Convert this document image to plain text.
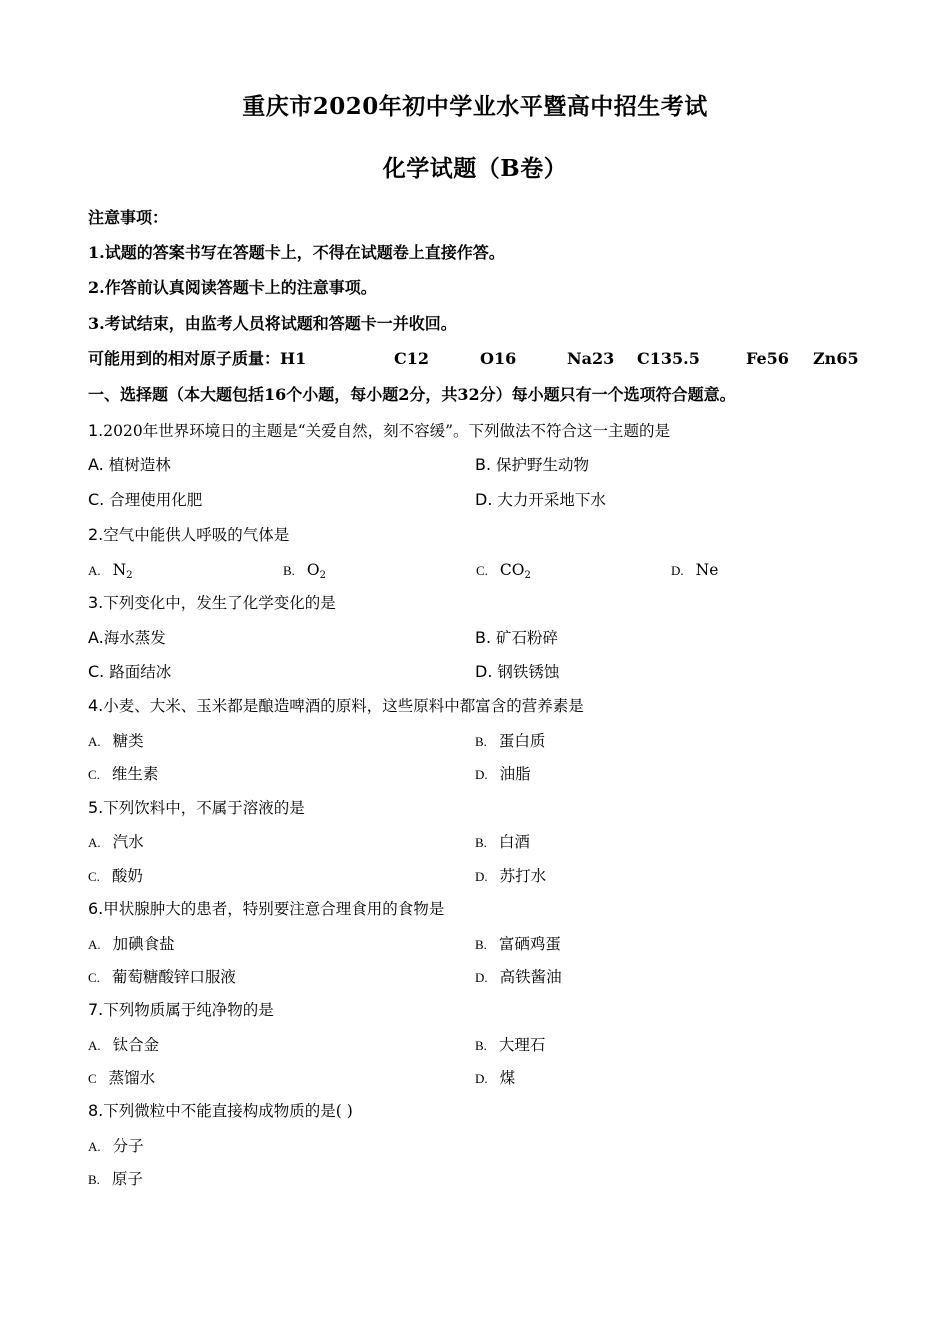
重庆市2020年初中学业水平暨高中招生考试
化学试题（B卷）
注意事项：
1.试题的答案书写在答题卡上，不得在试题卷上直接作答。
2.作答前认真阅读答题卡上的注意事项。
3.考试结束，由监考人员将试题和答题卡一并收回。
可能用到的相对原子质量：H1	C12	O16	Na23 C135.5	Fe56 Zn65
一、选择题（本大题包括16个小题，每小题2分，共32分）每小题只有一个选项符合题意。
1.2020年世界环境日的主题是“关爱自然，刻不容缓”。下列做法不符合这一主题的是
A. 植树造林	B. 保护野生动物
C. 合理使用化肥	D. 大力开采地下水
2.空气中能供人呼吸的气体是
A. $N_2$	B. $O_2$	C. $CO_2$	D. Ne
3.下列变化中，发生了化学变化的是
A.海水蒸发	B. 矿石粉碎
C. 路面结冰	D. 钢铁锈蚀
4.小麦、大米、玉米都是酿造啤酒的原料，这些原料中都富含的营养素是
A. 糖类	B. 蛋白质
C. 维生素	D. 油脂
5.下列饮料中，不属于溶液的是
A. 汽水	B. 白酒
C. 酸奶	D. 苏打水
6.甲状腺肿大的患者，特别要注意合理食用的食物是
A. 加碘食盐	B. 富硒鸡蛋
C. 葡萄糖酸锌口服液	D. 高铁酱油
7.下列物质属于纯净物的是
A. 钛合金	B. 大理石
C 蒸馏水	D. 煤
8.下列微粒中不能直接构成物质的是( )
A. 分子
B. 原子
